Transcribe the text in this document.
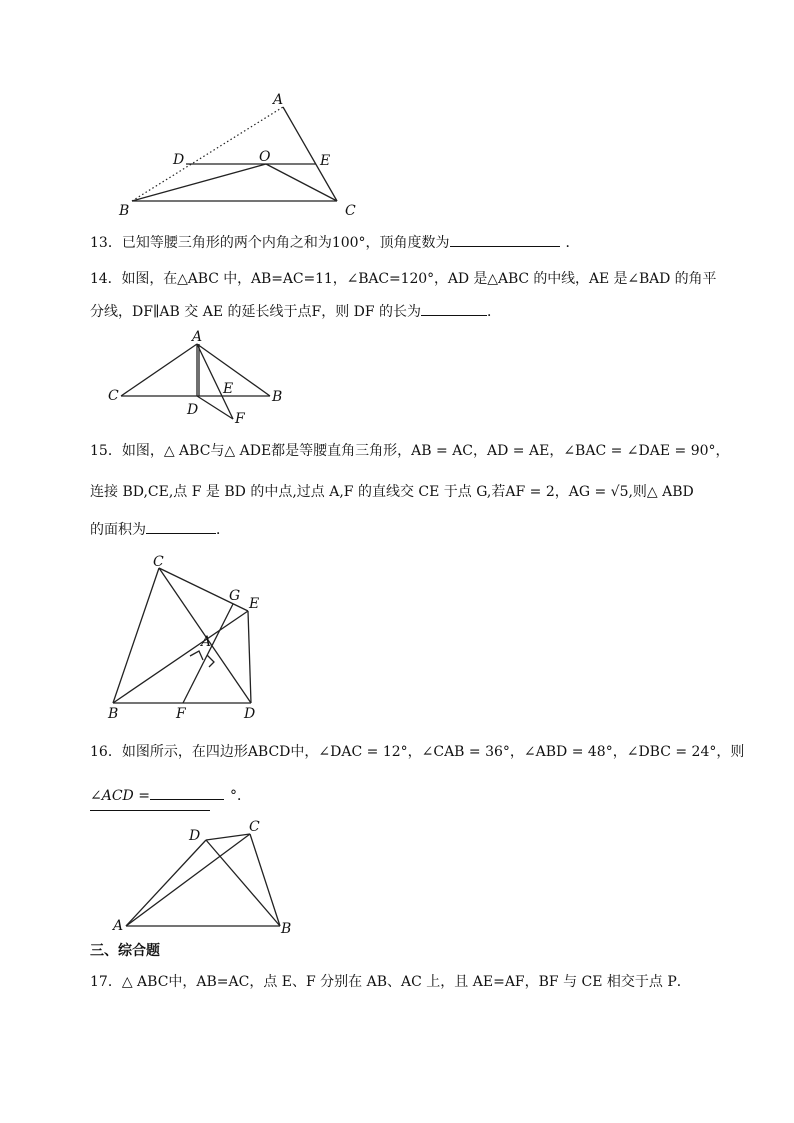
A
D	O	E
B	C
13．已知等腰三角形的两个内角之和为100°，顶角度数为	．
14．如图，在△ABC 中，AB=AC=11，∠BAC=120°，AD 是△ABC 的中线，AE 是∠BAD 的角平
分线，DF∥AB 交 AE 的延长线于点F，则 DF 的长为	．
A
C	E	B
D
F
15．如图，△ ABC与△ ADE都是等腰直角三角形，AB = AC，AD = AE，∠BAC = ∠DAE = 90°，
连接 BD,CE,点 F 是 BD 的中点,过点 A,F 的直线交 CE 于点 G,若AF = 2，AG = √5,则△ ABD
的面积为	．
C
G E
A
B	F	D
16．如图所示，在四边形ABCD中，∠DAC = 12°，∠CAB = 36°，∠ABD = 48°，∠DBC = 24°，则
∠ACD =	°．
D
C
A	B
三、综合题
17．△ ABC中，AB=AC，点 E、F 分别在 AB、AC 上，且 AE=AF，BF 与 CE 相交于点 P．
